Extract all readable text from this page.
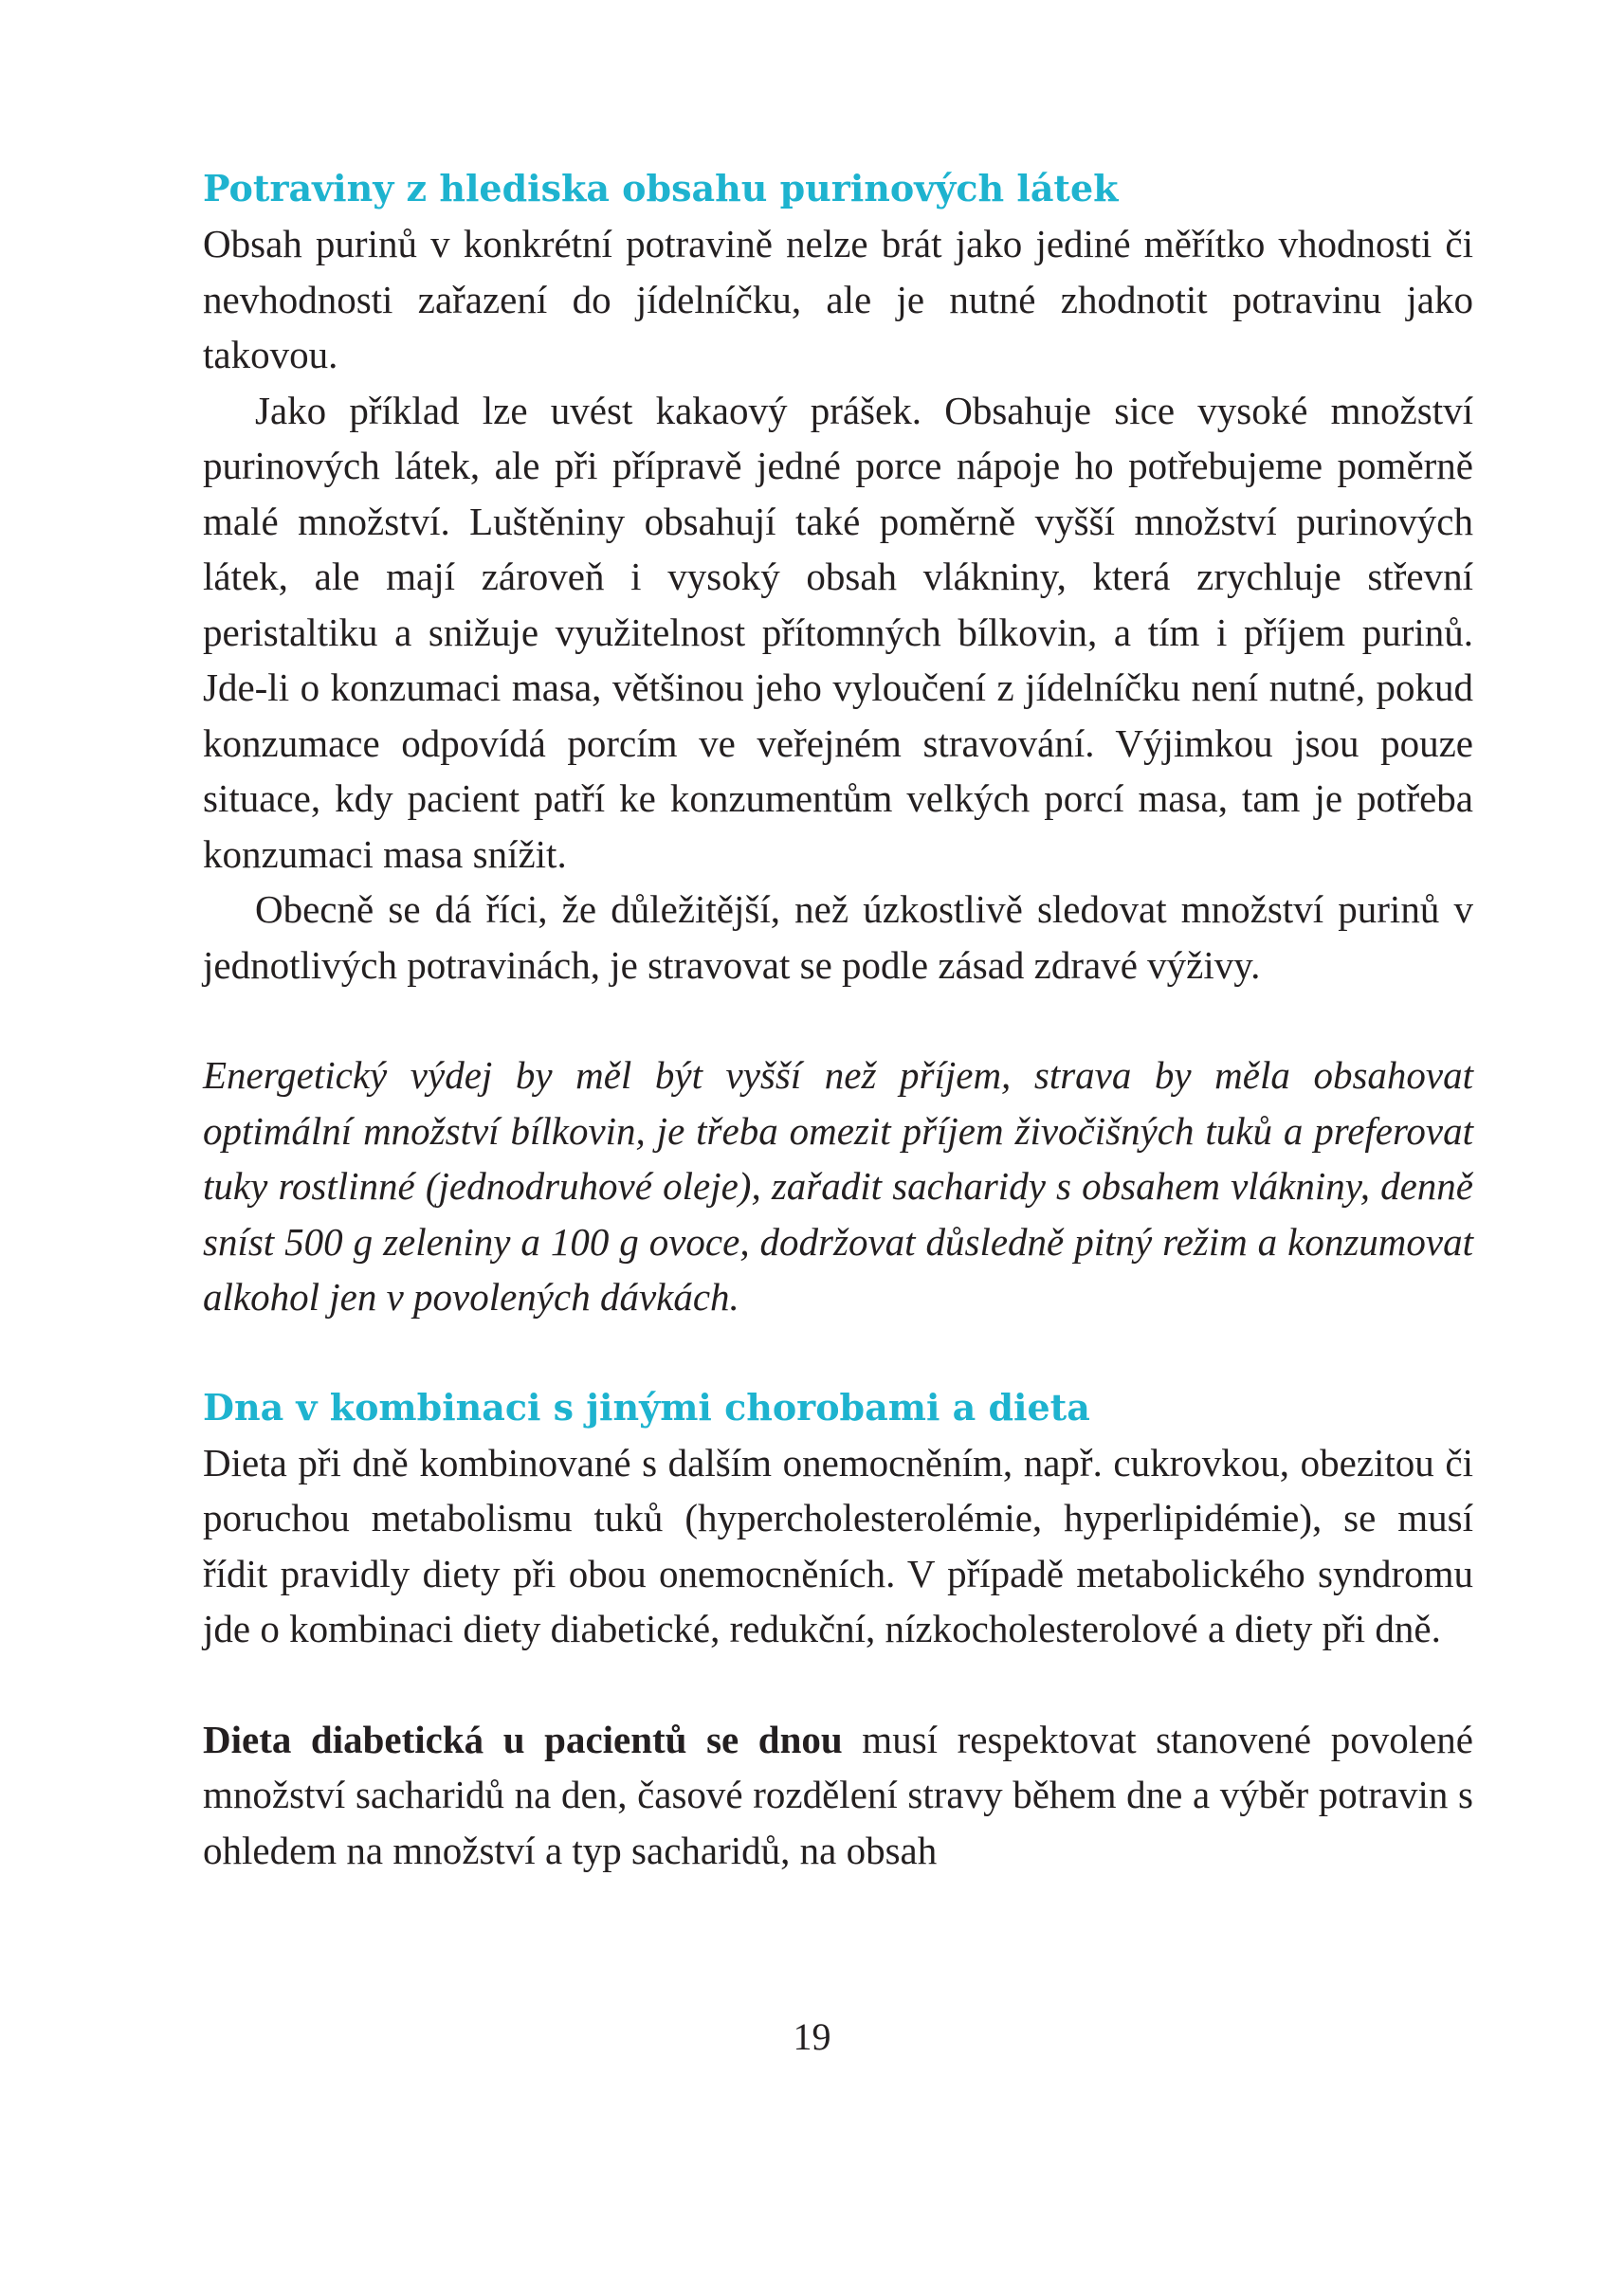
Potraviny z hlediska obsahu purinových látek

Obsah purinů v konkrétní potravině nelze brát jako jediné měřítko vhodnosti či nevhodnosti zařazení do jídelníčku, ale je nutné zhodnotit potravinu jako takovou.

Jako příklad lze uvést kakaový prášek. Obsahuje sice vysoké množství purinových látek, ale při přípravě jedné porce nápoje ho potřebujeme poměrně malé množství. Luštěniny obsahují také poměrně vyšší množství purinových látek, ale mají zároveň i vysoký obsah vlákniny, která zrychluje střevní peristaltiku a snižuje využitelnost přítomných bílkovin, a tím i příjem purinů. Jde-li o konzumaci masa, většinou jeho vyloučení z jídelníčku není nutné, pokud konzumace odpovídá porcím ve veřejném stravování. Výjimkou jsou pouze situace, kdy pacient patří ke konzumentům velkých porcí masa, tam je potřeba konzumaci masa snížit.

Obecně se dá říci, že důležitější, než úzkostlivě sledovat množství purinů v jednotlivých potravinách, je stravovat se podle zásad zdravé výživy.

Energetický výdej by měl být vyšší než příjem, strava by měla obsahovat optimální množství bílkovin, je třeba omezit příjem živočišných tuků a preferovat tuky rostlinné (jednodruhové oleje), zařadit sacharidy s obsahem vlákniny, denně sníst 500 g zeleniny a 100 g ovoce, dodržovat důsledně pitný režim a konzumovat alkohol jen v povolených dávkách.

Dna v kombinaci s jinými chorobami a dieta

Dieta při dně kombinované s dalším onemocněním, např. cukrovkou, obezitou či poruchou metabolismu tuků (hypercholesterolémie, hyperlipidémie), se musí řídit pravidly diety při obou onemocněních. V případě metabolického syndromu jde o kombinaci diety diabetické, redukční, nízkocholesterolové a diety při dně.

Dieta diabetická u pacientů se dnou musí respektovat stanovené povolené množství sacharidů na den, časové rozdělení stravy během dne a výběr potravin s ohledem na množství a typ sacharidů, na obsah

19
